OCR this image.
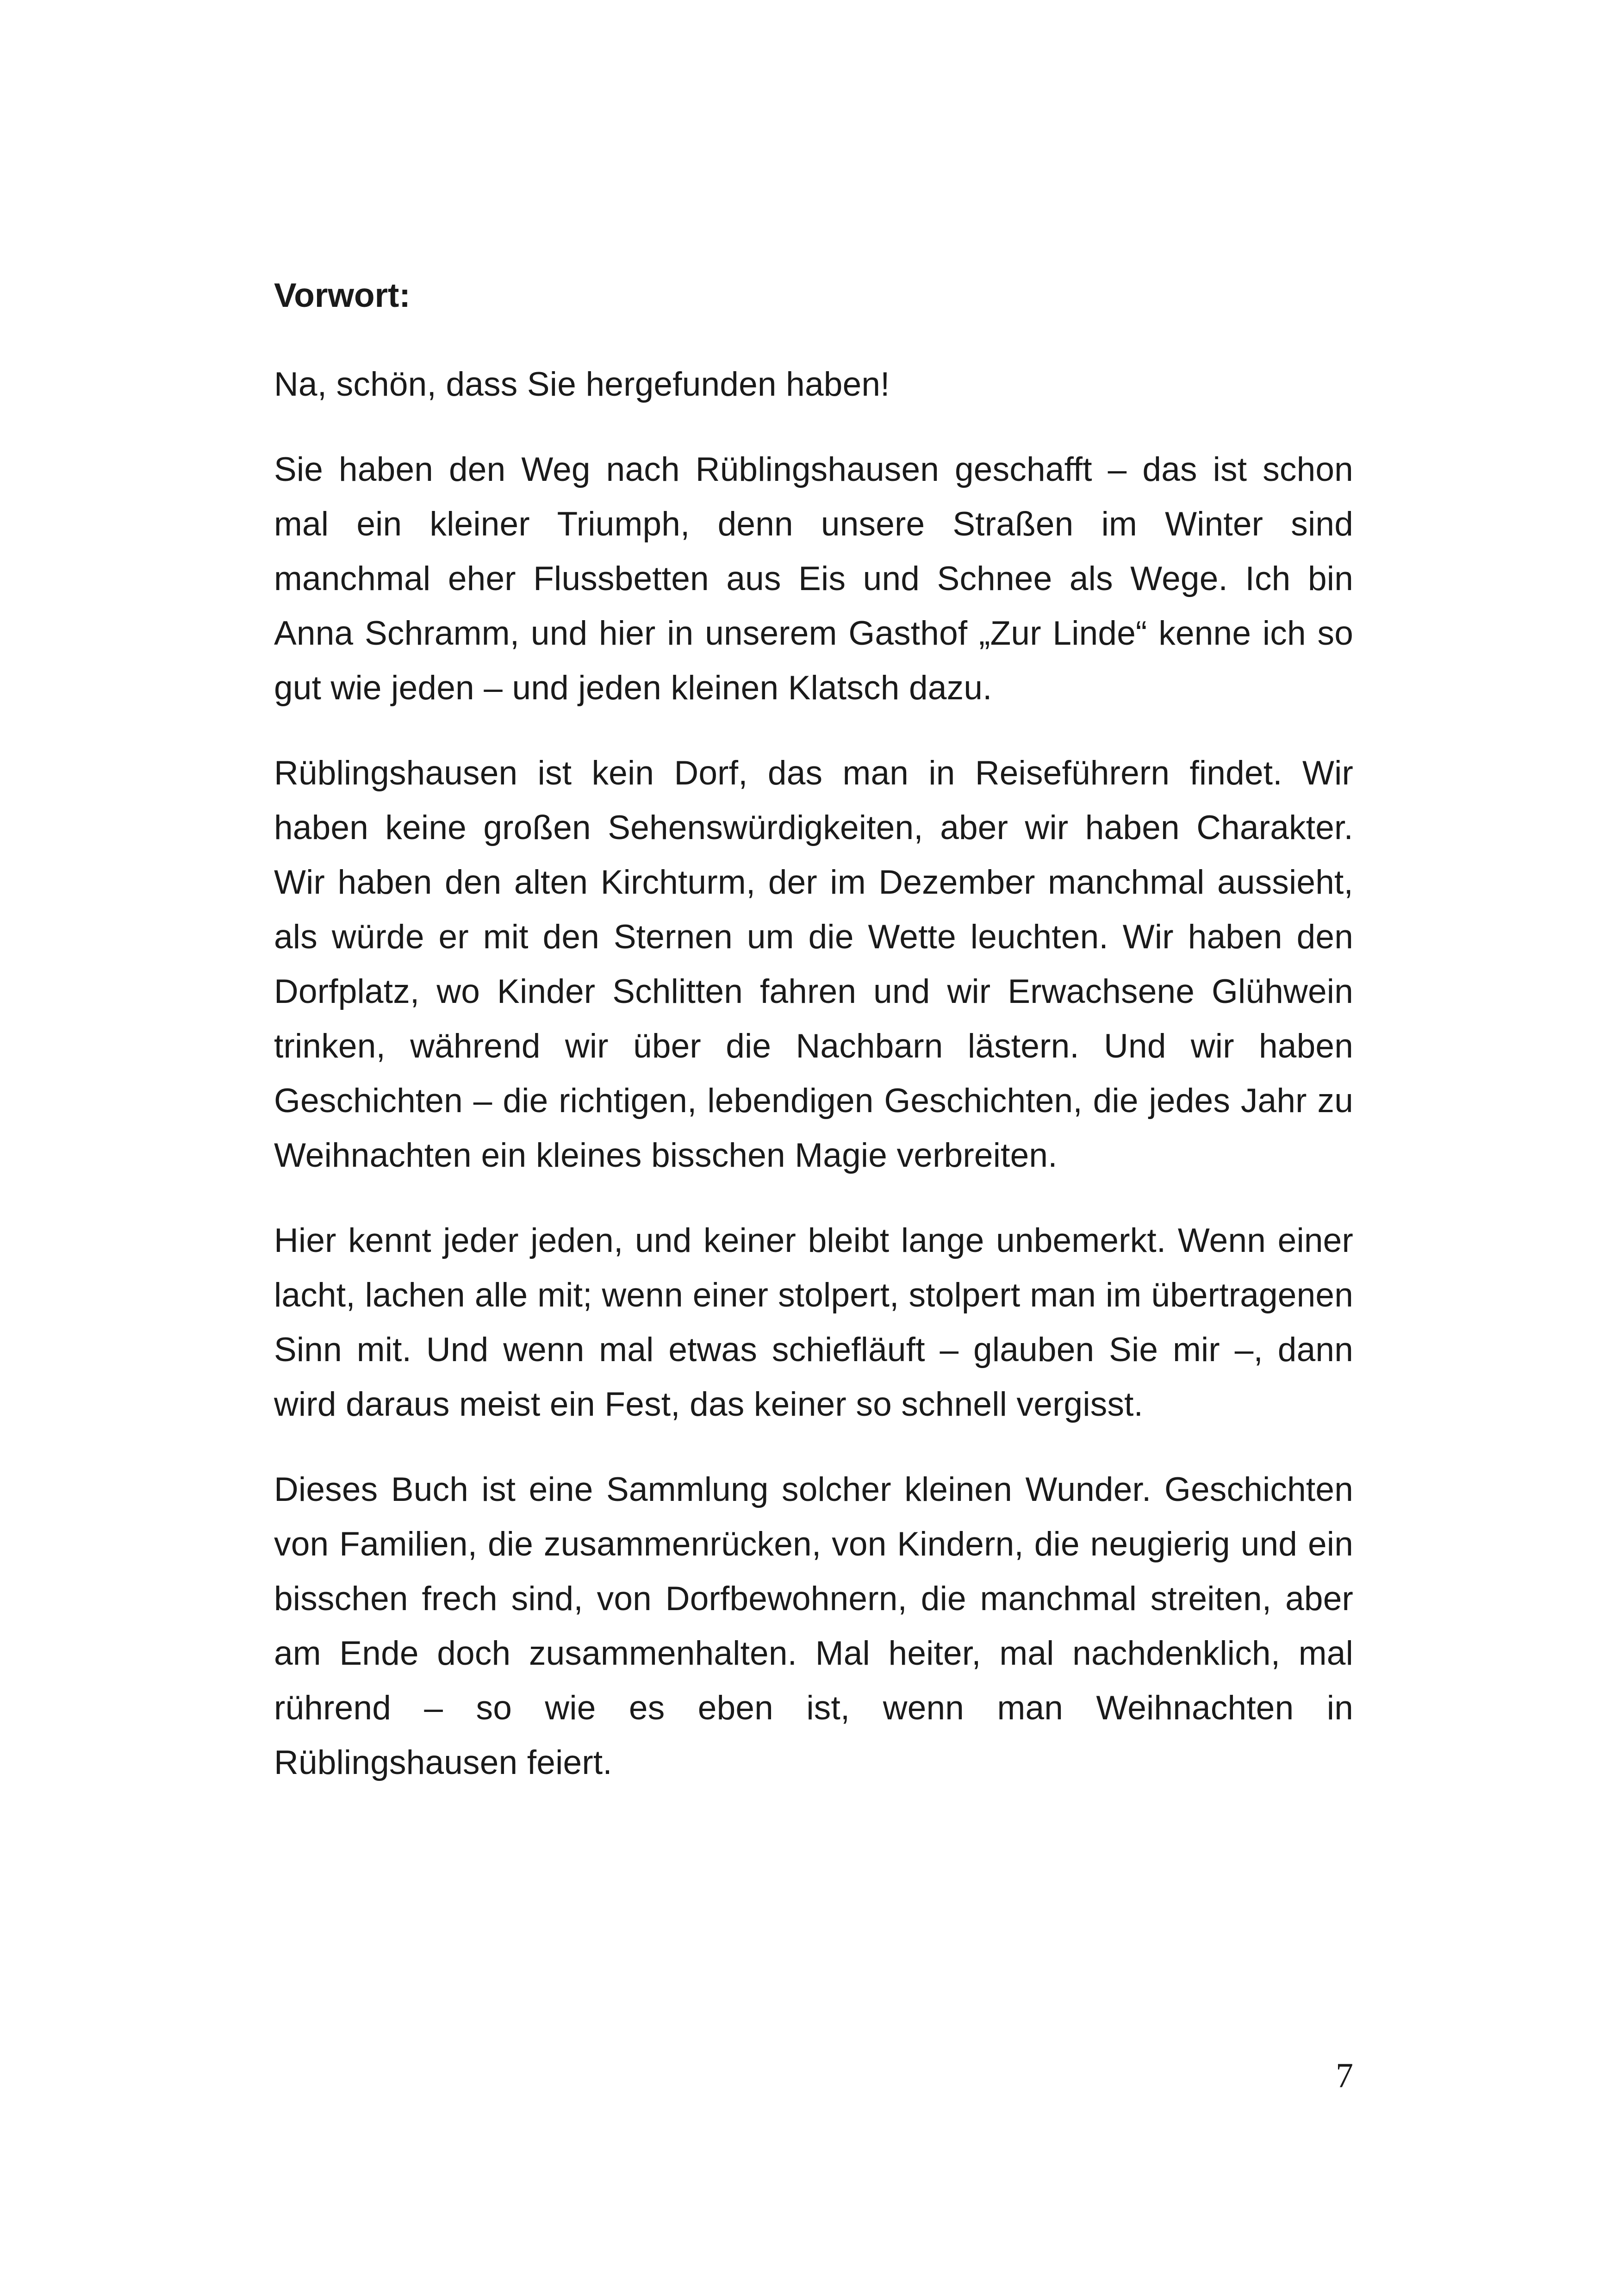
Vorwort:

Na, schön, dass Sie hergefunden haben!

Sie haben den Weg nach Rüblingshausen geschafft – das ist schon mal ein kleiner Triumph, denn unsere Straßen im Winter sind manchmal eher Flussbetten aus Eis und Schnee als Wege. Ich bin Anna Schramm, und hier in unserem Gasthof „Zur Linde“ kenne ich so gut wie jeden – und jeden kleinen Klatsch dazu.

Rüblingshausen ist kein Dorf, das man in Reiseführern findet. Wir haben keine großen Sehenswürdigkeiten, aber wir haben Charakter. Wir haben den alten Kirchturm, der im Dezember manchmal aussieht, als würde er mit den Sternen um die Wette leuchten. Wir haben den Dorfplatz, wo Kinder Schlitten fahren und wir Erwachsene Glühwein trinken, während wir über die Nachbarn lästern. Und wir haben Geschichten – die richtigen, lebendigen Geschichten, die jedes Jahr zu Weihnachten ein kleines bisschen Magie verbreiten.

Hier kennt jeder jeden, und keiner bleibt lange unbemerkt. Wenn einer lacht, lachen alle mit; wenn einer stolpert, stolpert man im übertragenen Sinn mit. Und wenn mal etwas schiefläuft – glauben Sie mir –, dann wird daraus meist ein Fest, das keiner so schnell vergisst.

Dieses Buch ist eine Sammlung solcher kleinen Wunder. Geschichten von Familien, die zusammenrücken, von Kindern, die neugierig und ein bisschen frech sind, von Dorfbewohnern, die manchmal streiten, aber am Ende doch zusammenhalten. Mal heiter, mal nachdenklich, mal rührend – so wie es eben ist, wenn man Weihnachten in Rüblingshausen feiert.

7
